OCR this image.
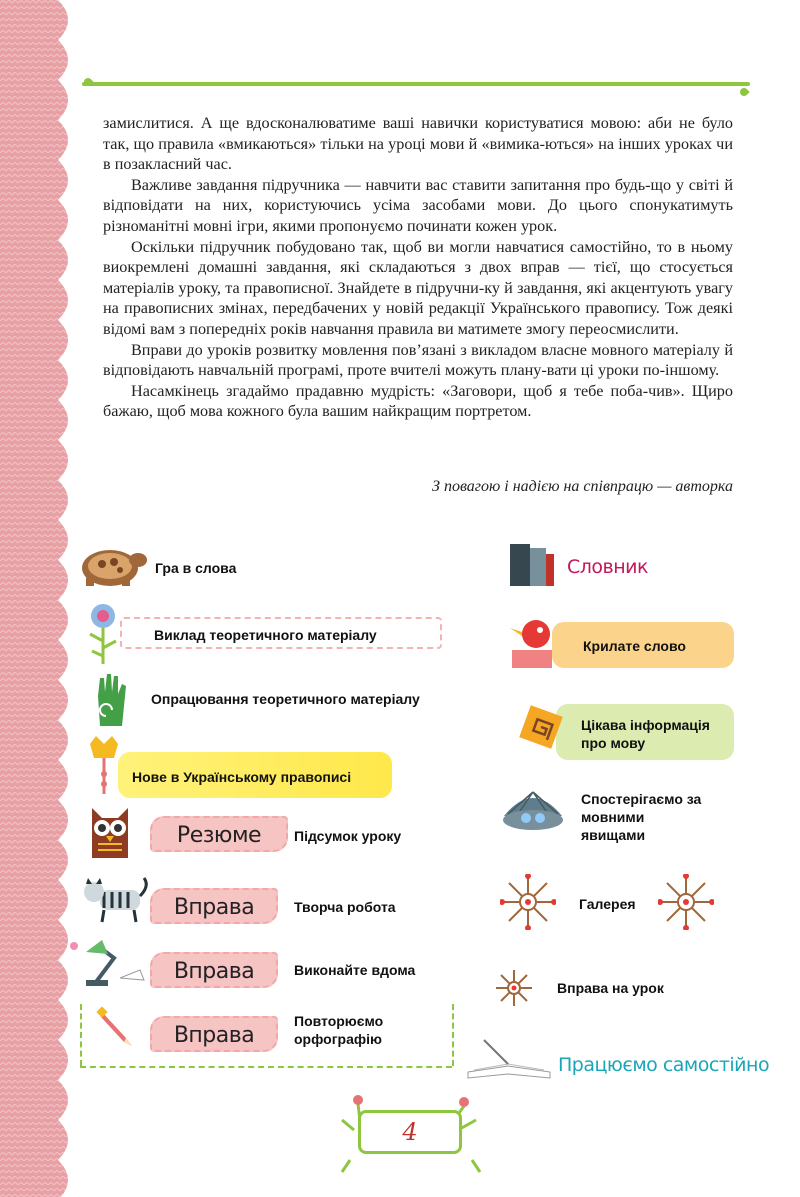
замислитися. А ще вдосконалюватиме ваші навички користуватися мовою: аби не було так, що правила «вмикаються» тільки на уроці мови й «вимика-ються» на інших уроках чи в позакласний час.

Важливе завдання підручника — навчити вас ставити запитання про будь-що у світі й відповідати на них, користуючись усіма засобами мови. До цього спонукатимуть різноманітні мовні ігри, якими пропонуємо починати кожен урок.

Оскільки підручник побудовано так, щоб ви могли навчатися самостійно, то в ньому виокремлені домашні завдання, які складаються з двох вправ — тієї, що стосується матеріалів уроку, та правописної. Знайдете в підручни-ку й завдання, які акцентують увагу на правописних змінах, передбачених у новій редакції Українського правопису. Тож деякі відомі вам з попередніх років навчання правила ви матимете змогу переосмислити.

Вправи до уроків розвитку мовлення пов’язані з викладом власне мовного матеріалу й відповідають навчальній програмі, проте вчителі можуть плану-вати ці уроки по-іншому.

Насамкінець згадаймо прадавню мудрість: «Заговори, щоб я тебе поба-чив». Щиро бажаю, щоб мова кожного була вашим найкращим портретом.

З повагою і надією на співпрацю — авторка
Гра в слова
Виклад теоретичного матеріалу
Опрацювання теоретичного матеріалу
Нове в Українському правописі
Резюме	Підсумок уроку
Вправа	Творча робота
Вправа	Виконайте вдома
Вправа
Повторюємо орфографію
Словник
Крилате слово
Цікава інформація про мову
Спостерігаємо за мовними явищами
Галерея
Вправа на урок
Працюємо самостійно
4
